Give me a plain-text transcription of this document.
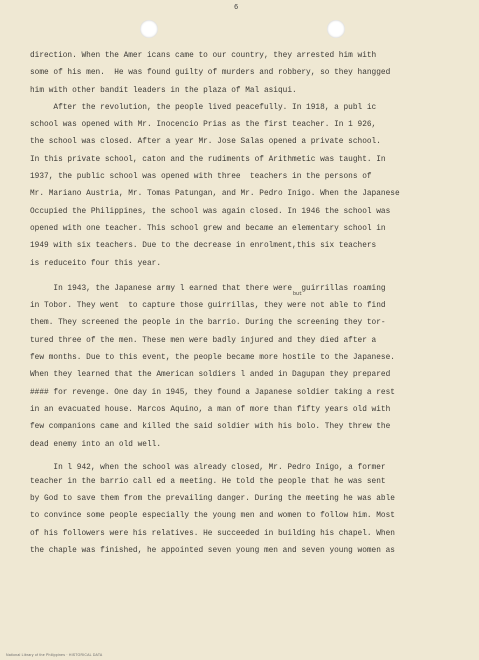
6
direction. When the Amer icans came to our country, they arrested him with
some of his men.  He was found guilty of murders and robbery, so they hangged
him with other bandit leaders in the plaza of Mal asiqui.
After the revolution, the people lived peacefully. In 1918, a publ ic
school was opened with Mr. Inocencio Prias as the first teacher. In 1 926,
the school was closed. After a year Mr. Jose Salas opened a private school.
In this private school, caton and the rudiments of Arithmetic was taught. In
1937, the public school was opened with three  teachers in the persons of
Mr. Mariano Austria, Mr. Tomas Patungan, and Mr. Pedro Inigo. When the Japanese
Occupied the Philippines, the school was again closed. In 1946 the school was
opened with one teacher. This school grew and became an elementary school in
1949 with six teachers. Due to the decrease in enrolment,this six teachers
is reduceito four this year.
In 1943, the Japanese army l earned that there were  guirrillas roaming
but
in Tobor. They went  to capture those guirrillas, they were not able to find
them. They screened the people in the barrio. During the screening they tor-
tured three of the men. These men were badly injured and they died after a
few months. Due to this event, the people became more hostile to the Japanese.
When they learned that the American soldiers l anded in Dagupan they prepared
#### for revenge. One day in 1945, they found a Japanese soldier taking a rest
in an evacuated house. Marcos Aquino, a man of more than fifty years old with
few companions came and killed the said soldier with his bolo. They threw the
dead enemy into an old well.
In l 942, when the school was already closed, Mr. Pedro Inigo, a former
teacher in the barrio call ed a meeting. He told the people that he was sent
by God to save them from the prevailing danger. During the meeting he was able
to convince some people especially the young men and women to follow him. Most
of his followers were his relatives. He succeeded in building his chapel. When
the chaple was finished, he appointed seven young men and seven young women as
National Library of the Philippines · HISTORICAL DATA
